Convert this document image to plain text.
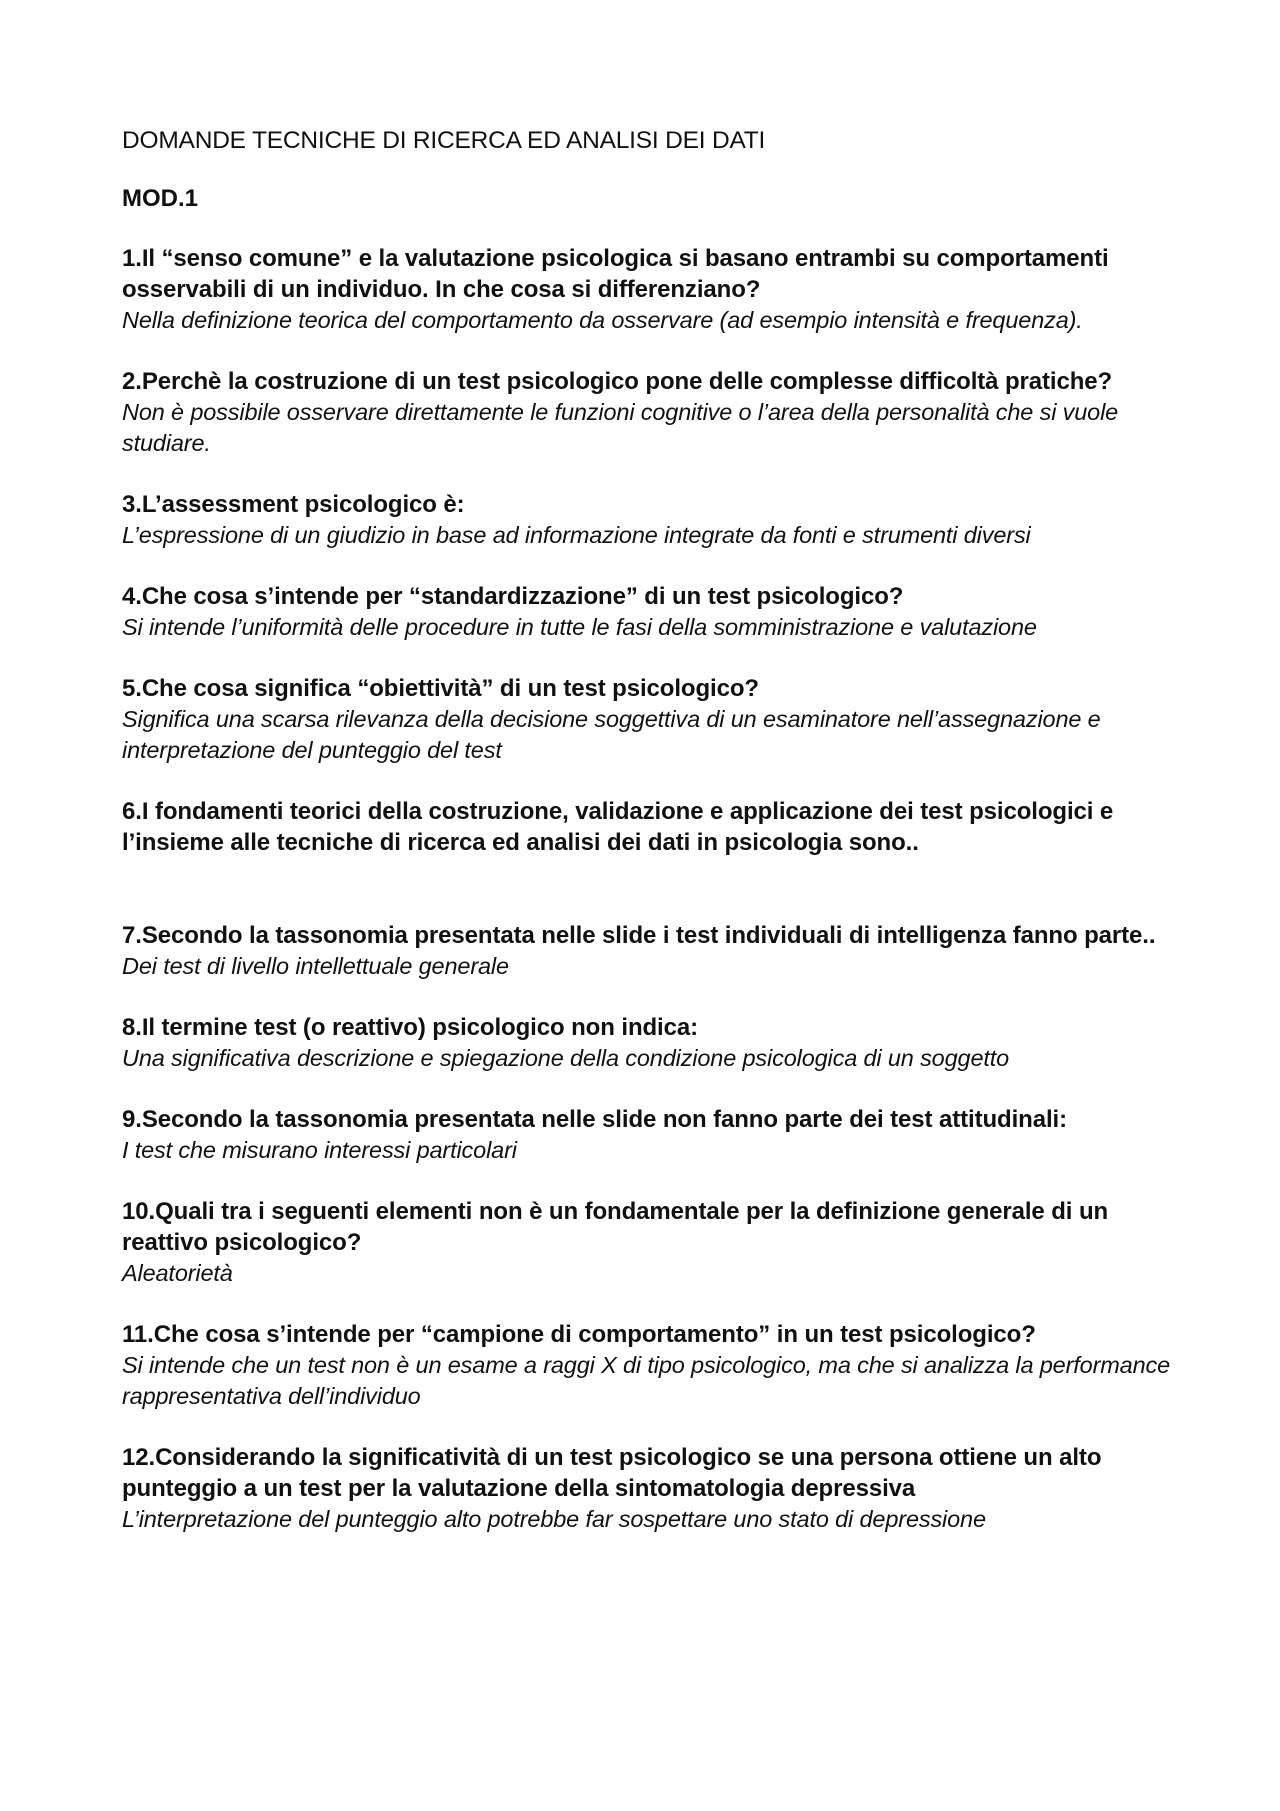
DOMANDE TECNICHE DI RICERCA ED ANALISI DEI DATI
MOD.1

1.Il “senso comune” e la valutazione psicologica si basano entrambi su comportamenti osservabili di un individuo. In che cosa si differenziano?

Nella definizione teorica del comportamento da osservare (ad esempio intensità e frequenza).

2.Perchè la costruzione di un test psicologico pone delle complesse difficoltà pratiche?

Non è possibile osservare direttamente le funzioni cognitive o l’area della personalità che si vuole studiare.

3.L’assessment psicologico è:

L’espressione di un giudizio in base ad informazione integrate da fonti e strumenti diversi

4.Che cosa s’intende per “standardizzazione” di un test psicologico?

Si intende l’uniformità delle procedure in tutte le fasi della somministrazione e valutazione

5.Che cosa significa “obiettività” di un test psicologico?

Significa una scarsa rilevanza della decisione soggettiva di un esaminatore nell’assegnazione e interpretazione del punteggio del test

6.I fondamenti teorici della costruzione, validazione e applicazione dei test psicologici e l’insieme alle tecniche di ricerca ed analisi dei dati in psicologia sono..

7.Secondo la tassonomia presentata nelle slide i test individuali di intelligenza fanno parte..

Dei test di livello intellettuale generale

8.Il termine test (o reattivo) psicologico non indica:

Una significativa descrizione e spiegazione della condizione psicologica di un soggetto

9.Secondo la tassonomia presentata nelle slide non fanno parte dei test attitudinali:

I test che misurano interessi particolari

10.Quali tra i seguenti elementi non è un fondamentale per la definizione generale di un reattivo psicologico?

Aleatorietà

11.Che cosa s’intende per “campione di comportamento” in un test psicologico?

Si intende che un test non è un esame a raggi X di tipo psicologico, ma che si analizza la performance rappresentativa dell’individuo

12.Considerando la significatività di un test psicologico se una persona ottiene un alto punteggio a un test per la valutazione della sintomatologia depressiva

L’interpretazione del punteggio alto potrebbe far sospettare uno stato di depressione
